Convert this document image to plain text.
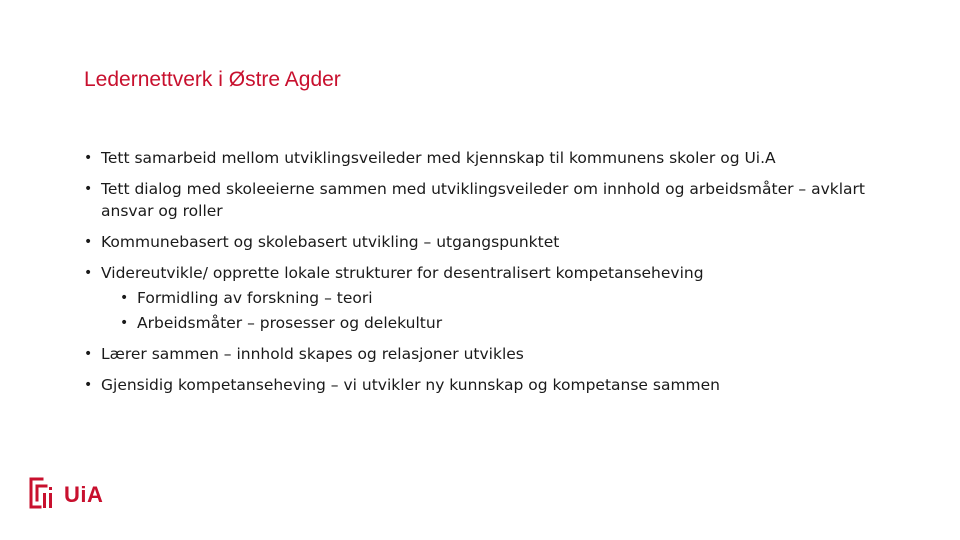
Ledernettverk i Østre Agder
• Tett samarbeid mellom utviklingsveileder med kjennskap til kommunens skoler og Ui.A
• Tett dialog med skoleeierne sammen med utviklingsveileder om innhold og arbeidsmåter – avklart ansvar og roller
• Kommunebasert og skolebasert utvikling – utgangspunktet
• Videreutvikle/ opprette lokale strukturer for desentralisert kompetanseheving
• Formidling av forskning – teori
• Arbeidsmåter – prosesser og delekultur
• Lærer sammen – innhold skapes og relasjoner utvikles
• Gjensidig kompetanseheving – vi utvikler ny kunnskap og kompetanse sammen
UiA
